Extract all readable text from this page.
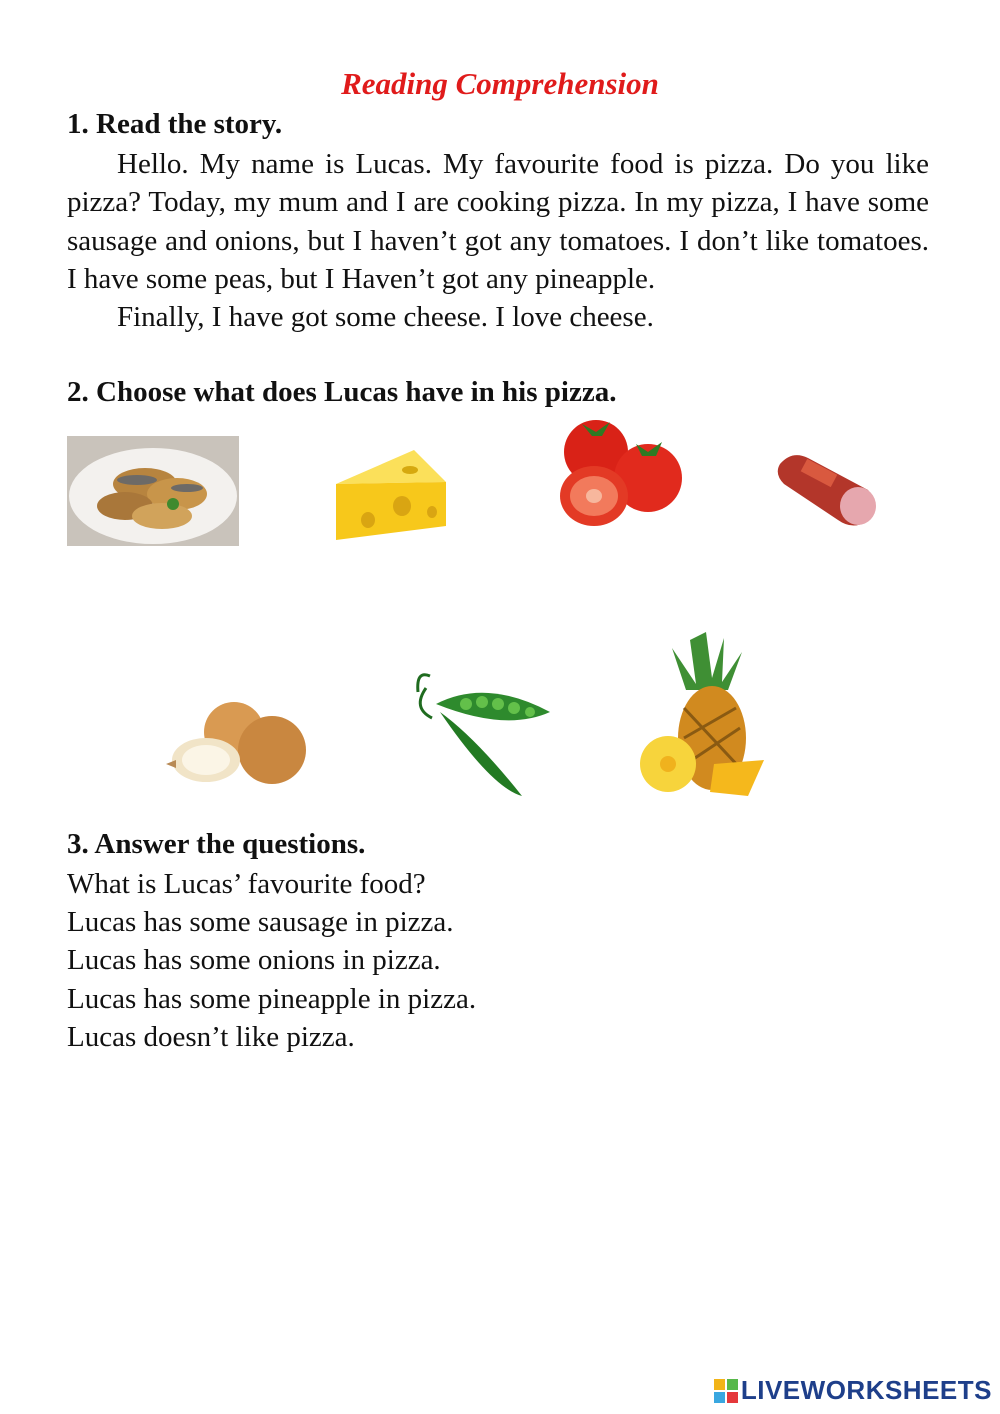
Reading Comprehension
1. Read the story.

Hello. My name is Lucas. My favourite food is pizza. Do you like pizza? Today, my mum and I are cooking pizza. In my pizza, I have some sausage and onions, but I haven’t got any tomatoes. I don’t like tomatoes. I have some peas, but I Haven’t got any pineapple.

Finally, I have got some cheese. I love cheese.

2. Choose what does Lucas have in his pizza.
3. Answer the questions.
What is Lucas’ favourite food?
Lucas has some sausage in pizza.
Lucas has some onions in pizza.
Lucas has some pineapple in pizza.
Lucas doesn’t like pizza.
LIVEWORKSHEETS
